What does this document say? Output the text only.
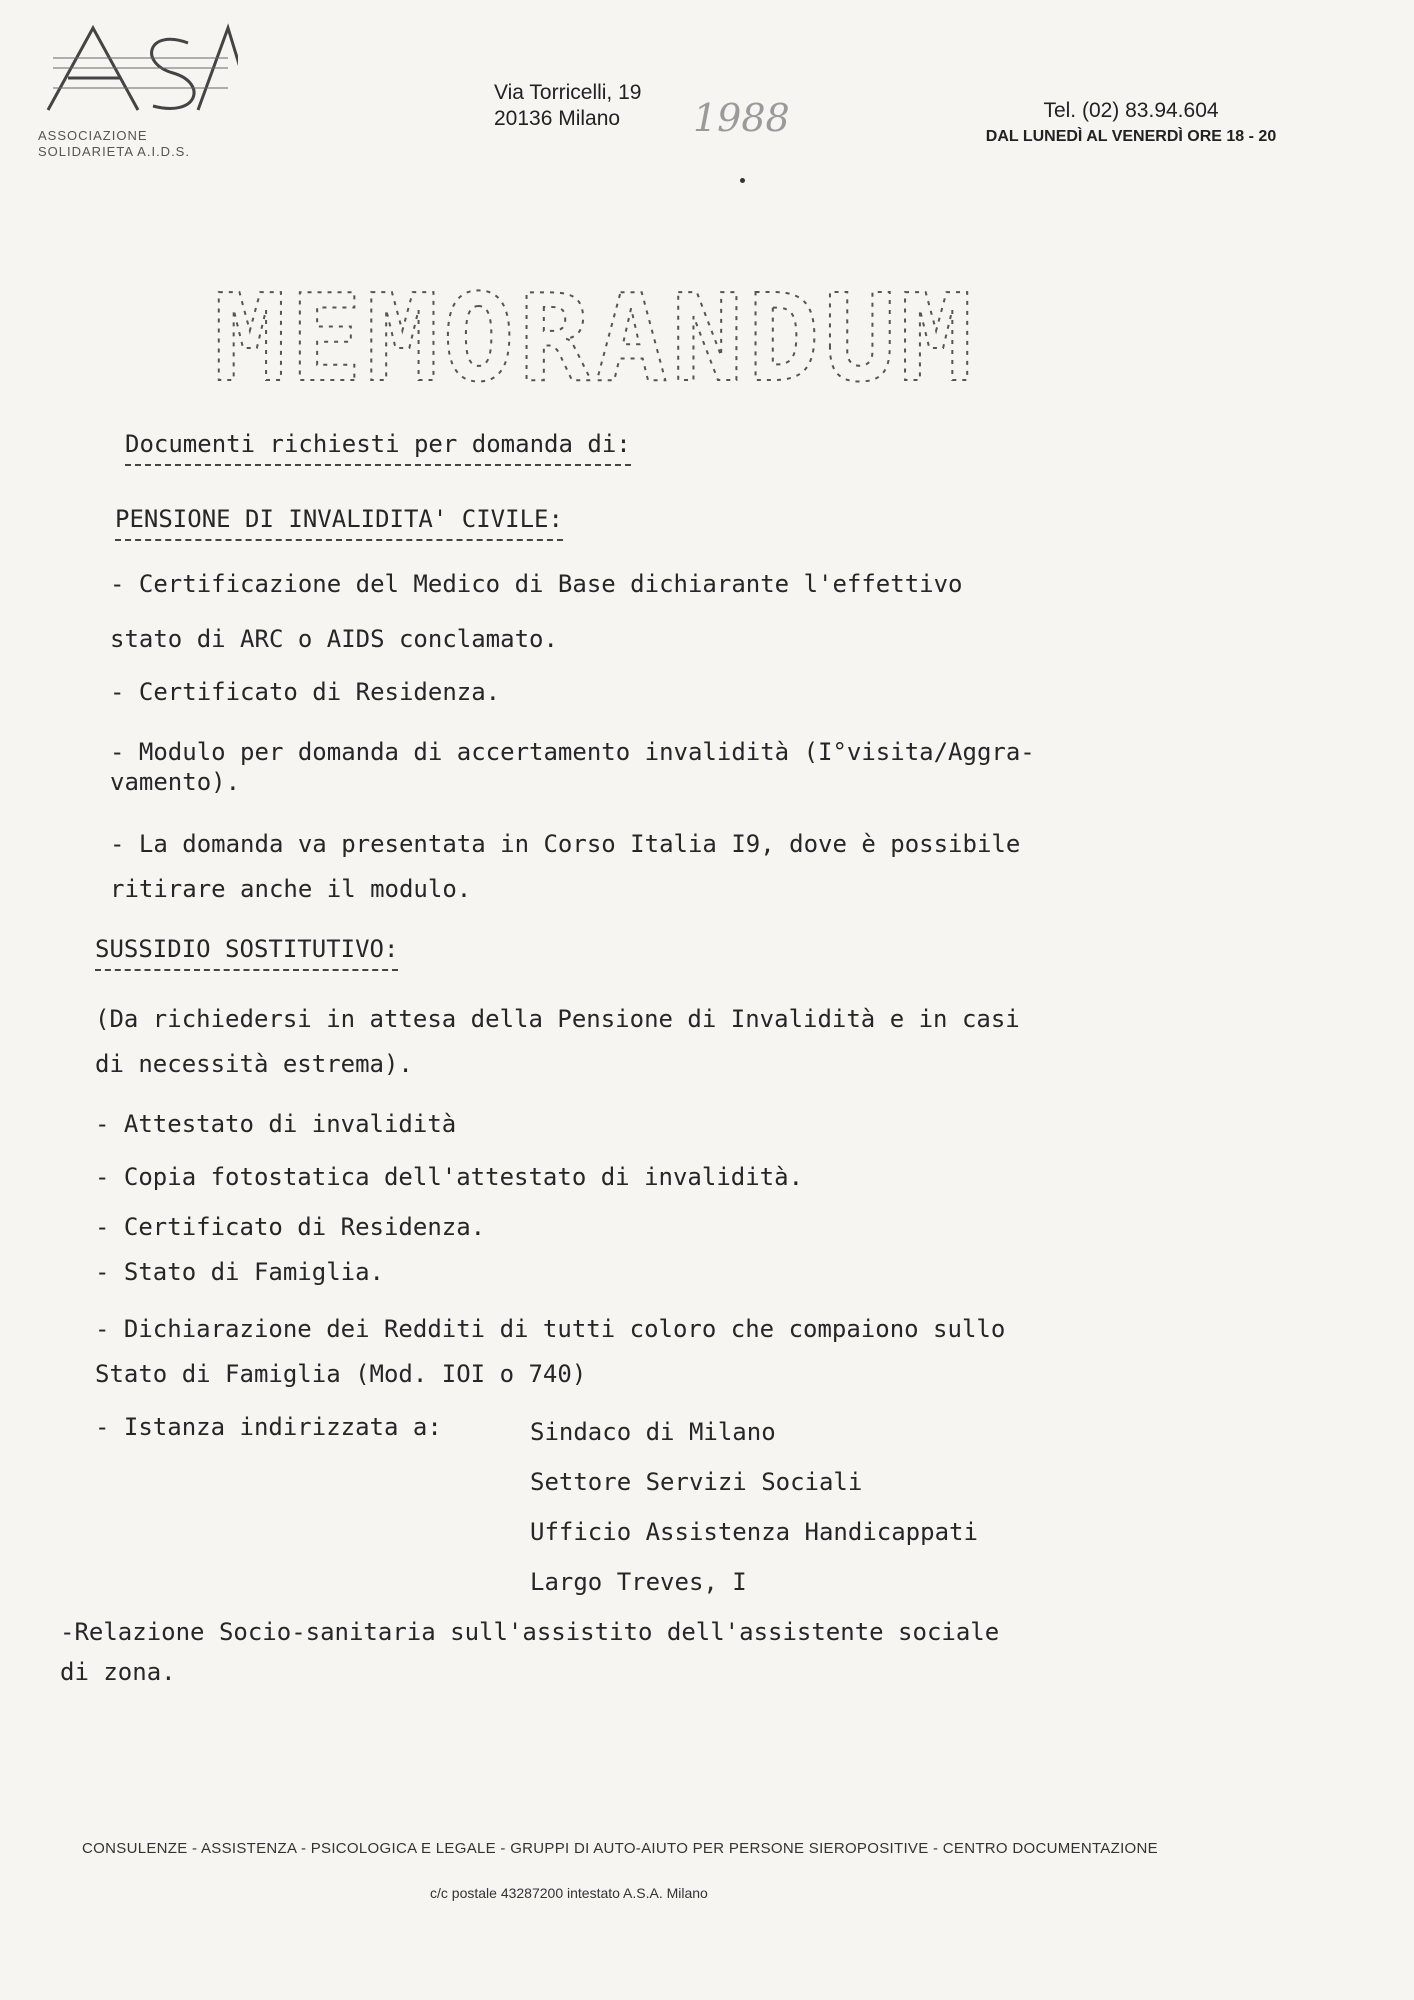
ASSOCIAZIONE
SOLIDARIETA A.I.D.S.
Via Torricelli, 19
20136 Milano	1988	Tel. (02) 83.94.604
DAL LUNEDÌ AL VENERDÌ ORE 18 - 20
MEMORANDUM
Documenti richiesti per domanda di:
PENSIONE DI INVALIDITA' CIVILE:
- Certificazione del Medico di Base dichiarante l'effettivo
stato di ARC o AIDS conclamato.
- Certificato di Residenza.
- Modulo per domanda di accertamento invalidità (I°visita/Aggra-
vamento).
- La domanda va presentata in Corso Italia I9, dove è possibile
ritirare anche il modulo.
SUSSIDIO SOSTITUTIVO:
(Da richiedersi in attesa della Pensione di Invalidità e in casi
di necessità estrema).
- Attestato di invalidità
- Copia fotostatica dell'attestato di invalidità.
- Certificato di Residenza.
- Stato di Famiglia.
- Dichiarazione dei Redditi di tutti coloro che compaiono sullo
Stato di Famiglia (Mod. IOI o 740)
- Istanza indirizzata a:	Sindaco di Milano
Settore Servizi Sociali
Ufficio Assistenza Handicappati
Largo Treves, I
-Relazione Socio-sanitaria sull'assistito dell'assistente sociale
di zona.
CONSULENZE - ASSISTENZA - PSICOLOGICA E LEGALE - GRUPPI DI AUTO-AIUTO PER PERSONE SIEROPOSITIVE - CENTRO DOCUMENTAZIONE
c/c postale 43287200 intestato A.S.A. Milano
